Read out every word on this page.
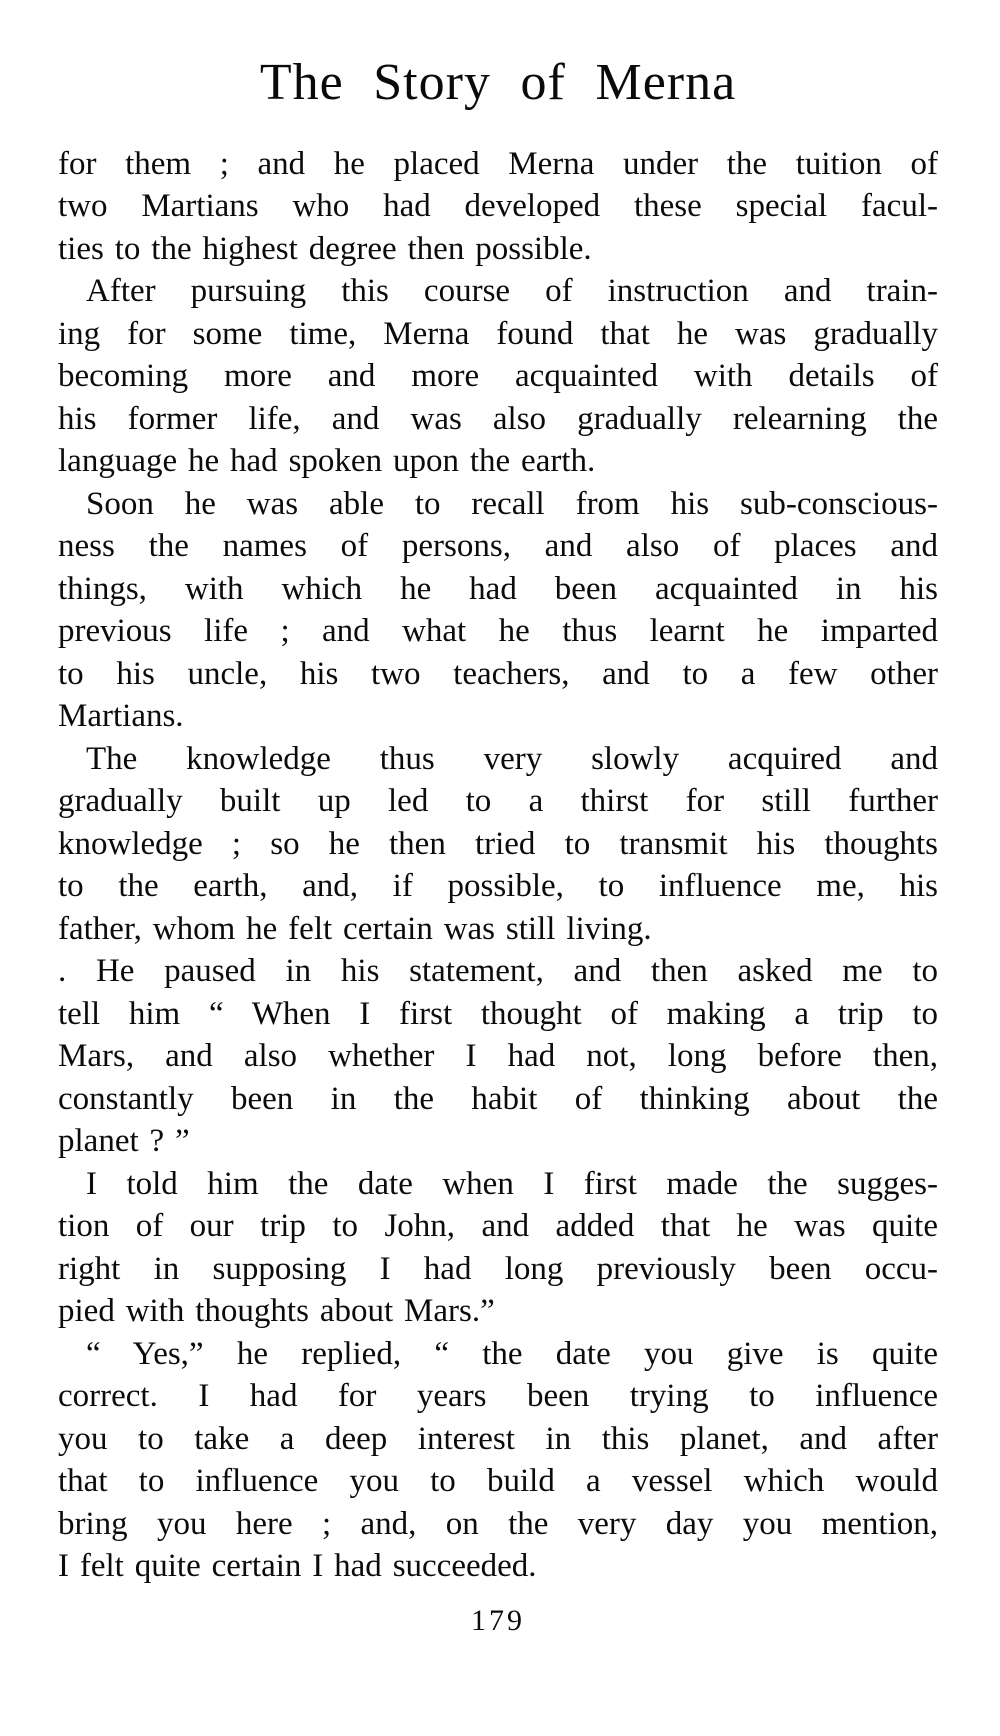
The Story of Merna
for them ; and he placed Merna under the tuition of
two Martians who had developed these special facul-
ties to the highest degree then possible.
After pursuing this course of instruction and train-
ing for some time, Merna found that he was gradually
becoming more and more acquainted with details of
his former life, and was also gradually relearning the
language he had spoken upon the earth.
Soon he was able to recall from his sub-conscious-
ness the names of persons, and also of places and
things, with which he had been acquainted in his
previous life ; and what he thus learnt he imparted
to his uncle, his two teachers, and to a few other
Martians.
The knowledge thus very slowly acquired and
gradually built up led to a thirst for still further
knowledge ; so he then tried to transmit his thoughts
to the earth, and, if possible, to influence me, his
father, whom he felt certain was still living.
. He paused in his statement, and then asked me to
tell him “ When I first thought of making a trip to
Mars, and also whether I had not, long before then,
constantly been in the habit of thinking about the
planet ? ”
I told him the date when I first made the sugges-
tion of our trip to John, and added that he was quite
right in supposing I had long previously been occu-
pied with thoughts about Mars.”
“ Yes,” he replied, “ the date you give is quite
correct. I had for years been trying to influence
you to take a deep interest in this planet, and after
that to influence you to build a vessel which would
bring you here ; and, on the very day you mention,
I felt quite certain I had succeeded.
179
